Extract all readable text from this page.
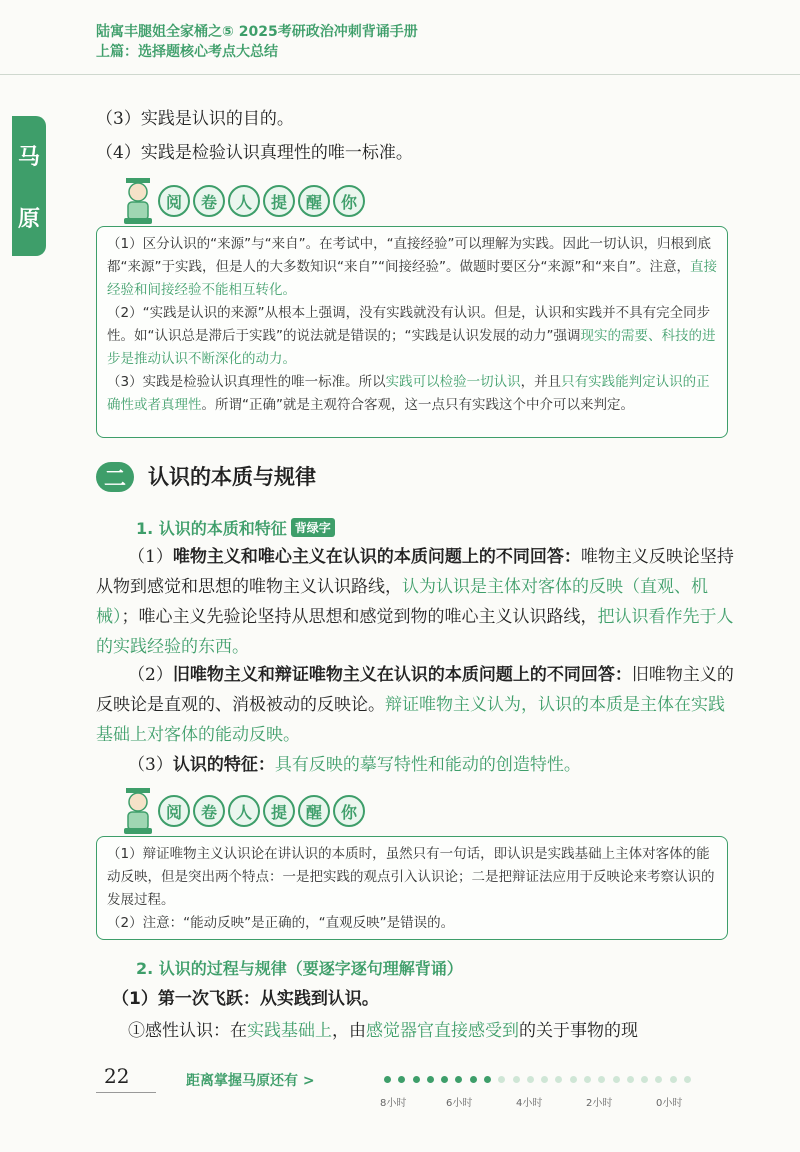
陆寓丰腿姐全家桶之⑤ 2025考研政治冲刺背诵手册
上篇：选择题核心考点大总结
马
原
（3）实践是认识的目的。
（4）实践是检验认识真理性的唯一标准。
阅	卷	人	提	醒	你

（1）区分认识的“来源”与“来自”。在考试中，“直接经验”可以理解为实践。因此一切认识，归根到底都“来源”于实践，但是人的大多数知识“来自”“间接经验”。做题时要区分“来源”和“来自”。注意，直接经验和间接经验不能相互转化。

（2）“实践是认识的来源”从根本上强调，没有实践就没有认识。但是，认识和实践并不具有完全同步性。如“认识总是滞后于实践”的说法就是错误的；“实践是认识发展的动力”强调现实的需要、科技的进步是推动认识不断深化的动力。

（3）实践是检验认识真理性的唯一标准。所以实践可以检验一切认识，并且只有实践能判定认识的正确性或者真理性。所谓“正确”就是主观符合客观，这一点只有实践这个中介可以来判定。

二	认识的本质与规律
1. 认识的本质和特征 背绿字
（1）唯物主义和唯心主义在认识的本质问题上的不同回答：唯物主义反映论坚持从物到感觉和思想的唯物主义认识路线，认为认识是主体对客体的反映（直观、机械）；唯心主义先验论坚持从思想和感觉到物的唯心主义认识路线，把认识看作先于人的实践经验的东西。
（2）旧唯物主义和辩证唯物主义在认识的本质问题上的不同回答：旧唯物主义的反映论是直观的、消极被动的反映论。辩证唯物主义认为，认识的本质是主体在实践基础上对客体的能动反映。
（3）认识的特征：具有反映的摹写特性和能动的创造特性。
阅	卷	人	提	醒	你

（1）辩证唯物主义认识论在讲认识的本质时，虽然只有一句话，即认识是实践基础上主体对客体的能动反映，但是突出两个特点：一是把实践的观点引入认识论；二是把辩证法应用于反映论来考察认识的发展过程。

（2）注意：“能动反映”是正确的，“直观反映”是错误的。

2. 认识的过程与规律（要逐字逐句理解背诵）
（1）第一次飞跃：从实践到认识。
①感性认识：在实践基础上，由感觉器官直接感受到的关于事物的现
22	距离掌握马原还有 >
8小时	6小时	4小时	2小时	0小时
